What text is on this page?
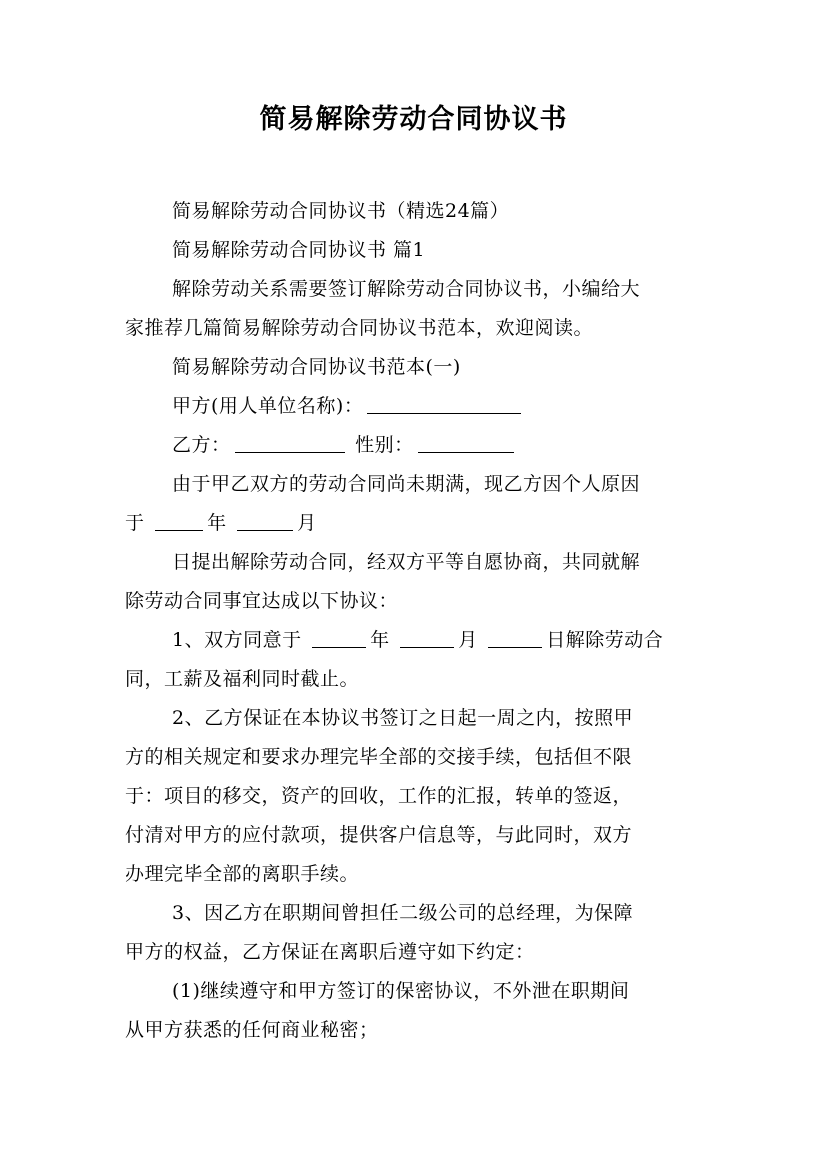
简易解除劳动合同协议书
简易解除劳动合同协议书（精选24篇）
简易解除劳动合同协议书 篇1
解除劳动关系需要签订解除劳动合同协议书，小编给大
家推荐几篇简易解除劳动合同协议书范本，欢迎阅读。
简易解除劳动合同协议书范本(一)
甲方(用人单位名称)：
乙方：	性别：
由于甲乙双方的劳动合同尚未期满，现乙方因个人原因
于	年	月
日提出解除劳动合同，经双方平等自愿协商，共同就解
除劳动合同事宜达成以下协议：
1、双方同意于	年	月	日解除劳动合
同，工薪及福利同时截止。
2、乙方保证在本协议书签订之日起一周之内，按照甲
方的相关规定和要求办理完毕全部的交接手续，包括但不限
于：项目的移交，资产的回收，工作的汇报，转单的签返，
付清对甲方的应付款项，提供客户信息等，与此同时，双方
办理完毕全部的离职手续。
3、因乙方在职期间曾担任二级公司的总经理，为保障
甲方的权益，乙方保证在离职后遵守如下约定：
(1)继续遵守和甲方签订的保密协议，不外泄在职期间
从甲方获悉的任何商业秘密；
